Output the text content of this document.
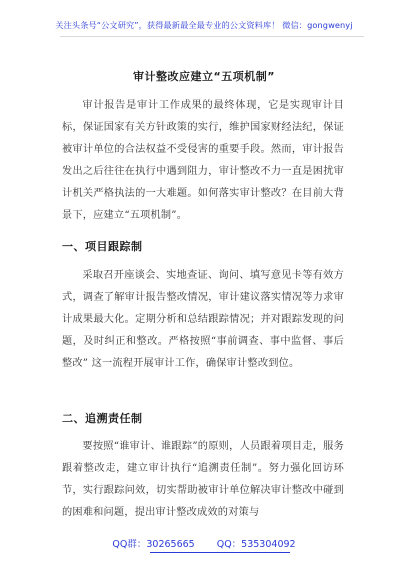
关注头条号“公文研究”，获得最新最全最专业的公文资料库！ 微信：gongwenyj
审计整改应建立“五项机制”

审计报告是审计工作成果的最终体现，它是实现审计目标，保证国家有关方针政策的实行，维护国家财经法纪，保证被审计单位的合法权益不受侵害的重要手段。然而，审计报告发出之后往往在执行中遇到阻力，审计整改不力一直是困扰审计机关严格执法的一大难题。如何落实审计整改？在目前大背景下，应建立“五项机制”。

一、项目跟踪制

采取召开座谈会、实地查证、询问、填写意见卡等有效方式，调查了解审计报告整改情况，审计建议落实情况等力求审计成果最大化。定期分析和总结跟踪情况；并对跟踪发现的问题，及时纠正和整改。严格按照“事前调查、事中监督、事后整改” 这一流程开展审计工作，确保审计整改到位。

二、追溯责任制

要按照“谁审计、谁跟踪”的原则，人员跟着项目走，服务跟着整改走，建立审计执行“追溯责任制”。努力强化回访环节，实行跟踪问效，切实帮助被审计单位解决审计整改中碰到的困难和问题，提出审计整改成效的对策与

QQ群：30265665 QQ：535304092
